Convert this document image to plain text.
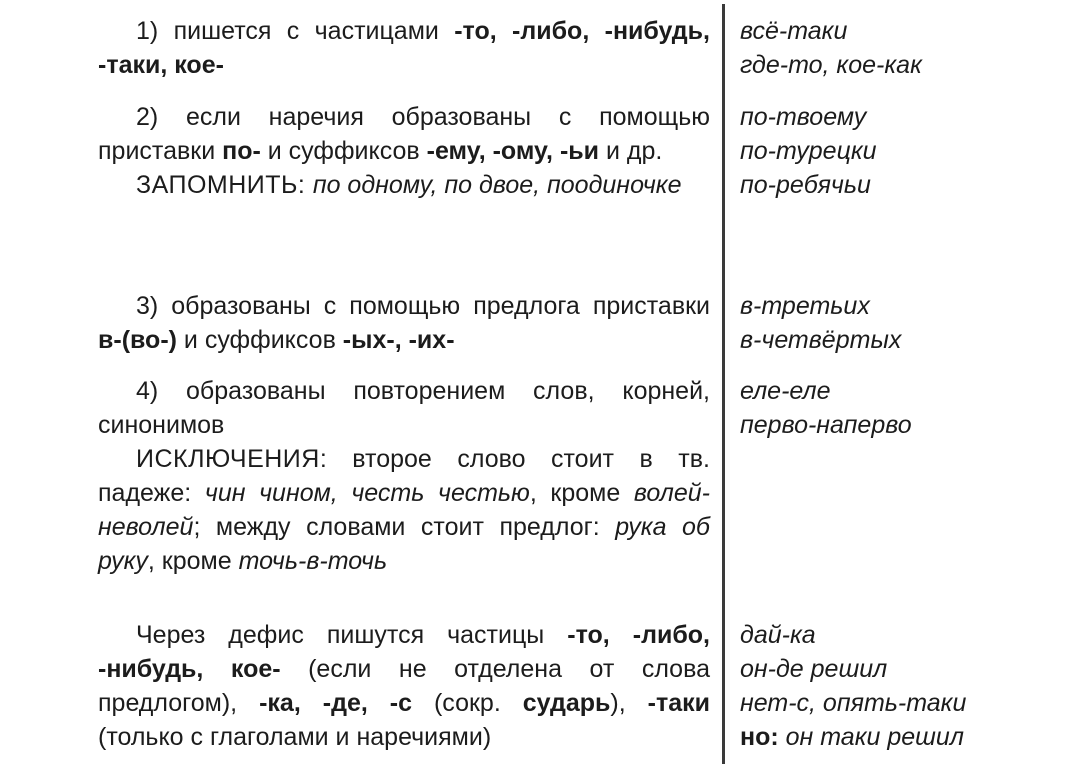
1) пишется с частицами -то, -либо, -нибудь, -таки, кое-

всё-таки
где-то, кое-как

2) если наречия образованы с помощью приставки по- и суффиксов -ему, -ому, -ьи и др.

ЗАПОМНИТЬ: по одному, по двое, поодиночке

по-твоему
по-турецки
по-ребячьи

3) образованы с помощью предлога приставки в-(во-) и суффиксов -ых-, -их-

в-третьих
в-четвёртых

4) образованы повторением слов, корней, синонимов

ИСКЛЮЧЕНИЯ: второе слово стоит в тв. падеже: чин чином, честь честью, кроме волей-неволей; между словами стоит предлог: рука об руку, кроме точь-в-точь

еле-еле
перво-наперво

Через дефис пишутся частицы -то, -либо, -нибудь, кое- (если не отделена от слова предлогом), -ка, -де, -с (сокр. сударь), -таки (только с глаголами и наречиями)

дай-ка
он-де решил
нет-с, опять-таки
но: он таки решил
